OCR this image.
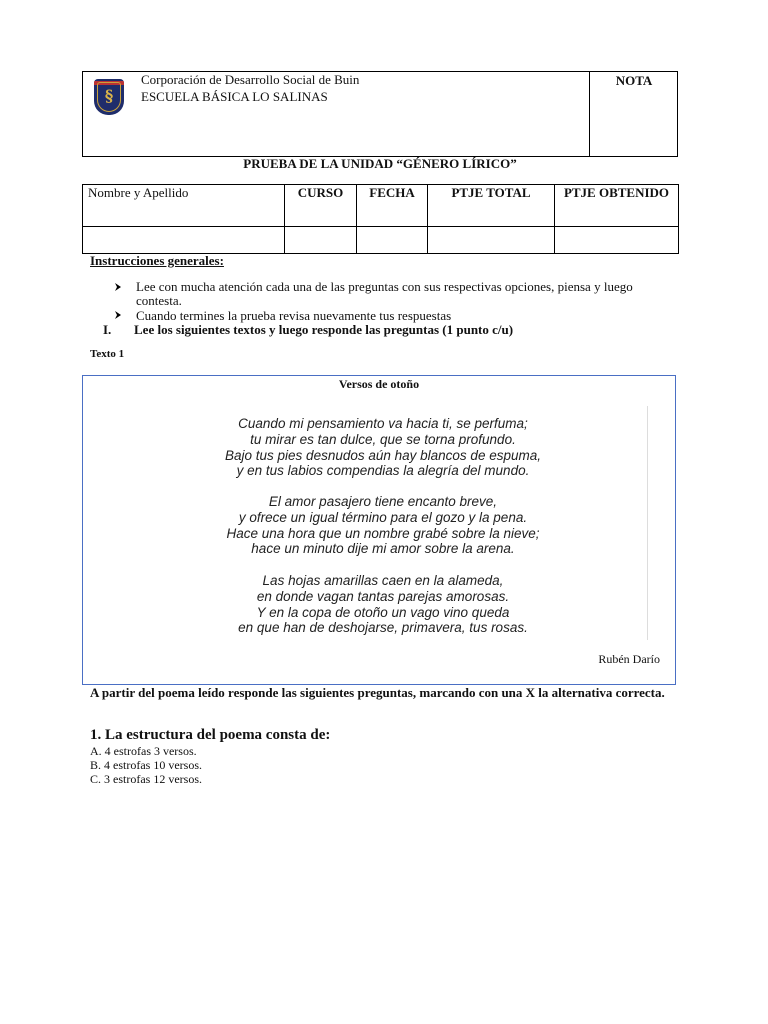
§
Corporación de Desarrollo Social de Buin
ESCUELA BÁSICA LO SALINAS
NOTA
PRUEBA DE LA UNIDAD “GÉNERO LÍRICO”
Nombre y Apellido	CURSO	FECHA	PTJE TOTAL	PTJE OBTENIDO

Instrucciones generales:
Lee con mucha atención cada una de las preguntas con sus respectivas opciones, piensa y luego contesta.
Cuando termines la prueba revisa nuevamente tus respuestas
I. Lee los siguientes textos y luego responde las preguntas (1 punto c/u)
Texto 1
Versos de otoño
Cuando mi pensamiento va hacia ti, se perfuma;
tu mirar es tan dulce, que se torna profundo.
Bajo tus pies desnudos aún hay blancos de espuma,
y en tus labios compendias la alegría del mundo.
El amor pasajero tiene encanto breve,
y ofrece un igual término para el gozo y la pena.
Hace una hora que un nombre grabé sobre la nieve;
hace un minuto dije mi amor sobre la arena.
Las hojas amarillas caen en la alameda,
en donde vagan tantas parejas amorosas.
Y en la copa de otoño un vago vino queda
en que han de deshojarse, primavera, tus rosas.
Rubén Darío
A partir del poema leído responde las siguientes preguntas, marcando con una X la alternativa correcta.
1. La estructura del poema consta de:
A. 4 estrofas 3 versos.
B. 4 estrofas 10 versos.
C. 3 estrofas 12 versos.
